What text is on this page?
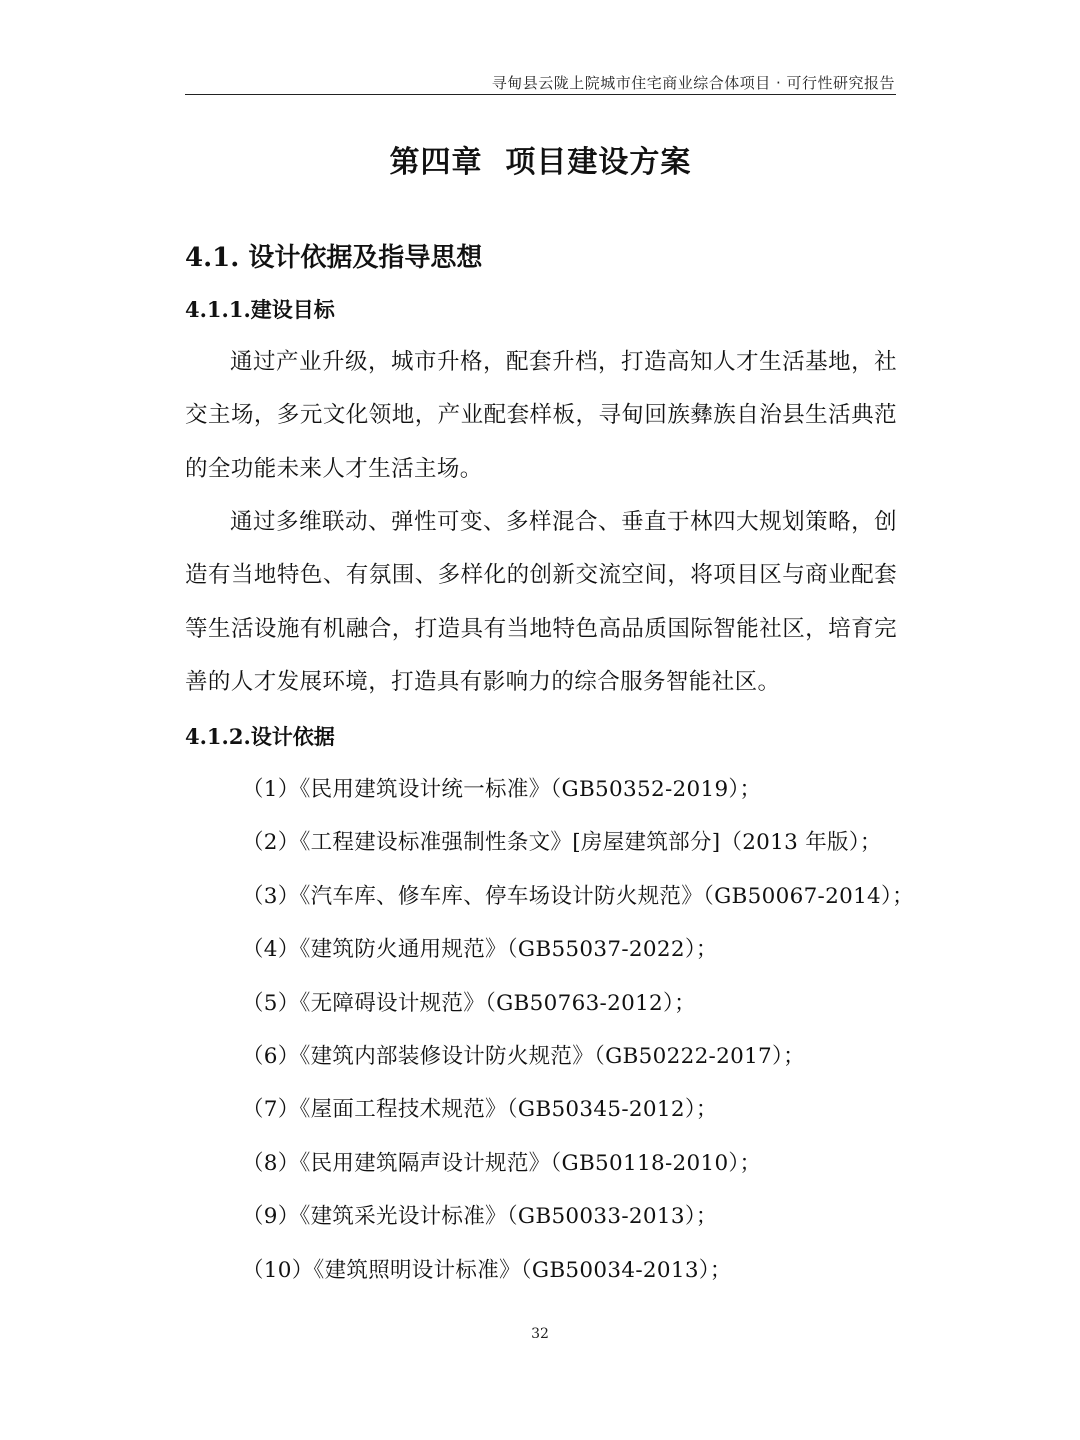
寻甸县云陇上院城市住宅商业综合体项目 · 可行性研究报告
第四章  项目建设方案
4.1. 设计依据及指导思想
4.1.1.建设目标

通过产业升级，城市升格，配套升档，打造高知人才生活基地，社交主场，多元文化领地，产业配套样板，寻甸回族彝族自治县生活典范的全功能未来人才生活主场。

通过多维联动、弹性可变、多样混合、垂直于林四大规划策略，创造有当地特色、有氛围、多样化的创新交流空间，将项目区与商业配套等生活设施有机融合，打造具有当地特色高品质国际智能社区，培育完善的人才发展环境，打造具有影响力的综合服务智能社区。

4.1.2.设计依据
（1）《民用建筑设计统一标准》（GB50352-2019）；
（2）《工程建设标准强制性条文》[房屋建筑部分]（2013 年版）；
（3）《汽车库、修车库、停车场设计防火规范》（GB50067-2014）；
（4）《建筑防火通用规范》（GB55037-2022）；
（5）《无障碍设计规范》（GB50763-2012）；
（6）《建筑内部装修设计防火规范》（GB50222-2017）；
（7）《屋面工程技术规范》（GB50345-2012）；
（8）《民用建筑隔声设计规范》（GB50118-2010）；
（9）《建筑采光设计标准》（GB50033-2013）；
（10）《建筑照明设计标准》（GB50034-2013）；
32
